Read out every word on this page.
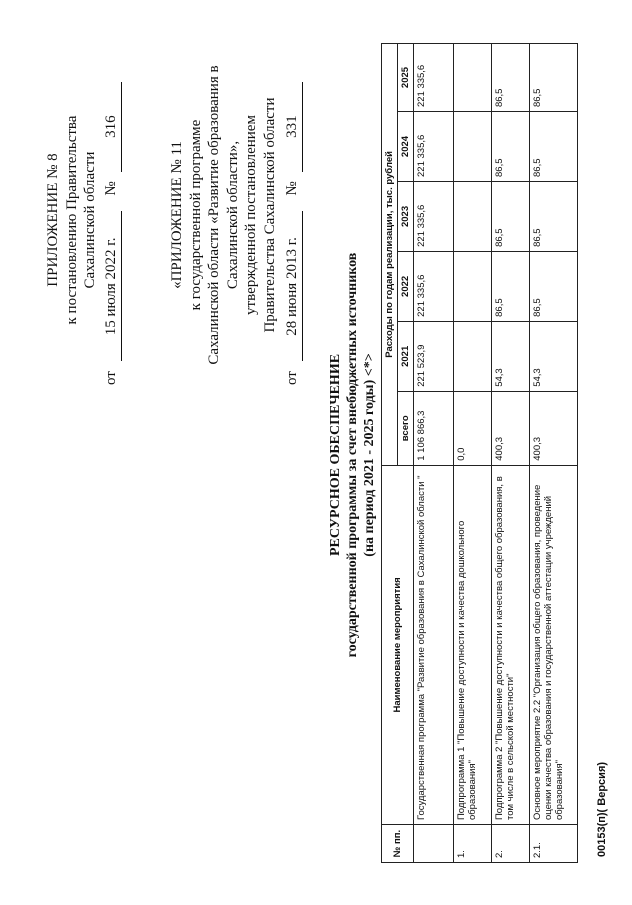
ПРИЛОЖЕНИЕ № 8 к постановлению Правительства Сахалинской области
от 15 июля 2022 г. № 316
«ПРИЛОЖЕНИЕ № 11 к государственной программе Сахалинской области «Развитие образования в Сахалинской области», утвержденной постановлением Правительства Сахалинской области
от 28 июня 2013 г. № 331
РЕСУРСНОЕ ОБЕСПЕЧЕНИЕ государственной программы за счет внебюджетных источников (на период 2021 - 2025 годы) <*>
№ пп.	Наименование мероприятия	Расходы по годам реализации, тыс. рублей					
		всего	2021	2022	2023	2024	2025
	Государственная программа "Развитие образования в Сахалинской области "	1 106 866,3	221 523,9	221 335,6	221 335,6	221 335,6	221 335,6
1.	Подпрограмма 1 "Повышение доступности и качества дошкольного образования"	0,0					
2.	Подпрограмма 2 "Повышение доступности и качества общего образования, в том числе в сельской местности"	400,3	54,3	86,5	86,5	86,5	86,5
2.1.	Основное мероприятие 2.2 "Организация общего образования, проведение оценки качества образования и государственной аттестации учреждений образования"	400,3	54,3	86,5	86,5	86,5	86,5
00153(п)( Версия)
